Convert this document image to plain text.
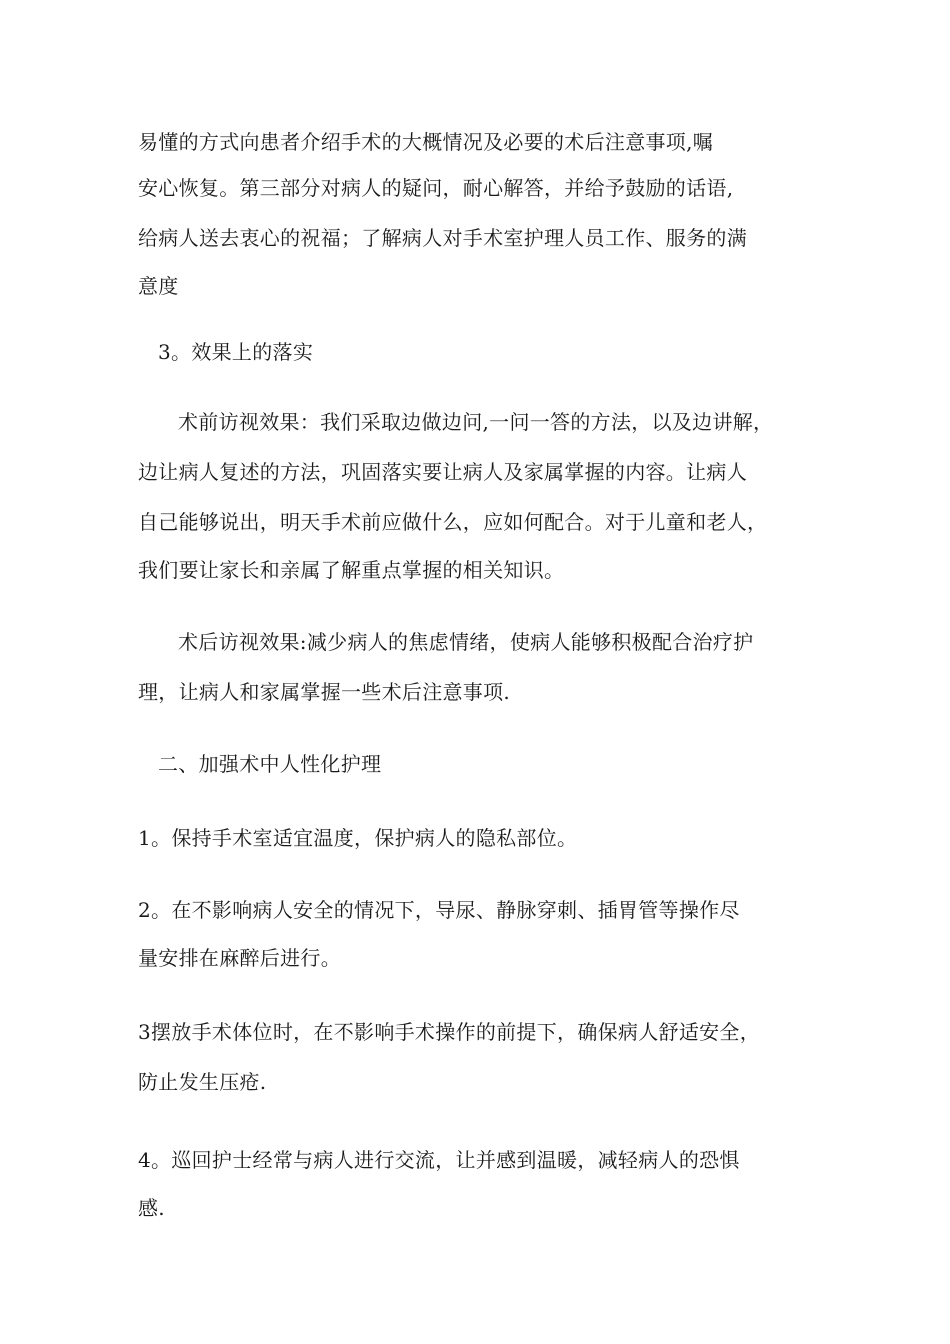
易懂的方式向患者介绍手术的大概情况及必要的术后注意事项,嘱
安心恢复。第三部分对病人的疑问，耐心解答，并给予鼓励的话语,
给病人送去衷心的祝福；了解病人对手术室护理人员工作、服务的满
意度
3。效果上的落实
术前访视效果：我们采取边做边问,一问一答的方法，以及边讲解，
边让病人复述的方法，巩固落实要让病人及家属掌握的内容。让病人
自己能够说出，明天手术前应做什么，应如何配合。对于儿童和老人，
我们要让家长和亲属了解重点掌握的相关知识。
术后访视效果:减少病人的焦虑情绪，使病人能够积极配合治疗护
理，让病人和家属掌握一些术后注意事项.
二、加强术中人性化护理
1。保持手术室适宜温度，保护病人的隐私部位。
2。在不影响病人安全的情况下，导尿、静脉穿刺、插胃管等操作尽
量安排在麻醉后进行。
3摆放手术体位时，在不影响手术操作的前提下，确保病人舒适安全，
防止发生压疮.
4。巡回护士经常与病人进行交流，让并感到温暖，减轻病人的恐惧
感.
